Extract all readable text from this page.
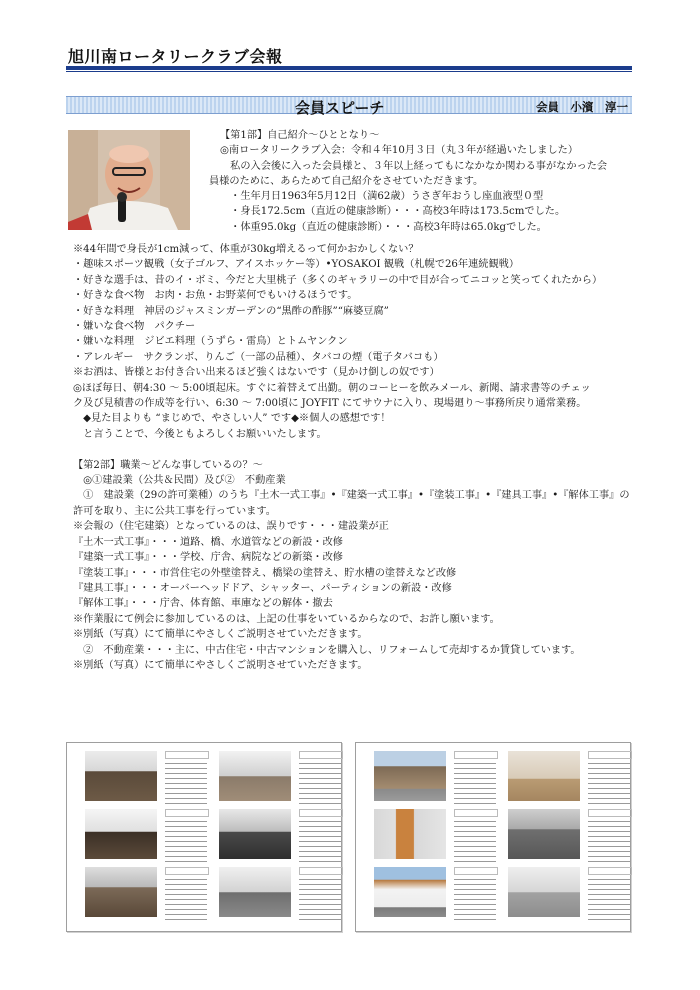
旭川南ロータリークラブ会報
会員スピーチ	会員　小濱　淳一
【第1部】自己紹介〜ひととなり〜
◎南ロータリークラブ入会：令和４年10月３日（丸３年が経過いたしました）
　私の入会後に入った会員様と、３年以上経ってもになかなか関わる事がなかった会
員様のために、あらためて自己紹介をさせていただきます。
　・生年月日1963年5月12日（満62歳）うさぎ年おうし座血液型０型
　・身長172.5cm（直近の健康診断）・・・高校3年時は173.5cmでした。
　・体重95.0kg（直近の健康診断）・・・高校3年時は65.0kgでした。
※44年間で身長が1cm減って、体重が30kg増えるって何かおかしくない？
・趣味スポーツ観戦（女子ゴルフ、アイスホッケー等）•YOSAKOI 観戦（札幌で26年連続観戦）
・好きな選手は、昔のイ・ボミ、今だと大里桃子（多くのギャラリーの中で目が合ってニコッと笑ってくれたから）
・好きな食べ物　お肉・お魚・お野菜何でもいけるほうです。
・好きな料理　神居のジャスミンガーデンの“黒酢の酢豚”“麻婆豆腐”
・嫌いな食べ物　パクチー
・嫌いな料理　ジビエ料理（うずら・雷鳥）とトムヤンクン
・アレルギー　サクランボ、りんご（一部の品種）、タバコの煙（電子タバコも）
※お酒は、皆様とお付き合い出来るほど強くはないです（見かけ倒しの奴です）
◎ほぼ毎日、朝4:30 〜 5:00頃起床。すぐに着替えて出勤。朝のコーヒーを飲みメール、新聞、請求書等のチェッ
ク及び見積書の作成等を行い、6:30 〜 7:00頃に JOYFIT にてサウナに入り、現場廻り〜事務所戻り通常業務。
　◆見た目よりも “まじめで、やさしい人” です◆※個人の感想です！
　と言うことで、今後ともよろしくお願いいたします。
【第2部】職業〜どんな事しているの？〜
　◎①建設業（公共＆民間）及び②　不動産業
　①　建設業（29の許可業種）のうち『土木一式工事』•『建築一式工事』•『塗装工事』•『建具工事』•『解体工事』の
許可を取り、主に公共工事を行っています。
※会報の（住宅建築）となっているのは、誤りです・・・建設業が正
『土木一式工事』・・・道路、橋、水道管などの新設・改修
『建築一式工事』・・・学校、庁舎、病院などの新築・改修
『塗装工事』・・・市営住宅の外壁塗替え、橋梁の塗替え、貯水槽の塗替えなど改修
『建具工事』・・・オーバーヘッドドア、シャッター、パーティションの新設・改修
『解体工事』・・・庁舎、体育館、車庫などの解体・撤去
※作業服にて例会に参加しているのは、上記の仕事をいているからなので、お許し願います。
※別紙（写真）にて簡単にやさしくご説明させていただきます。
　②　不動産業・・・主に、中古住宅・中古マンションを購入し、リフォームして売却するか賃貸しています。
※別紙（写真）にて簡単にやさしくご説明させていただきます。
